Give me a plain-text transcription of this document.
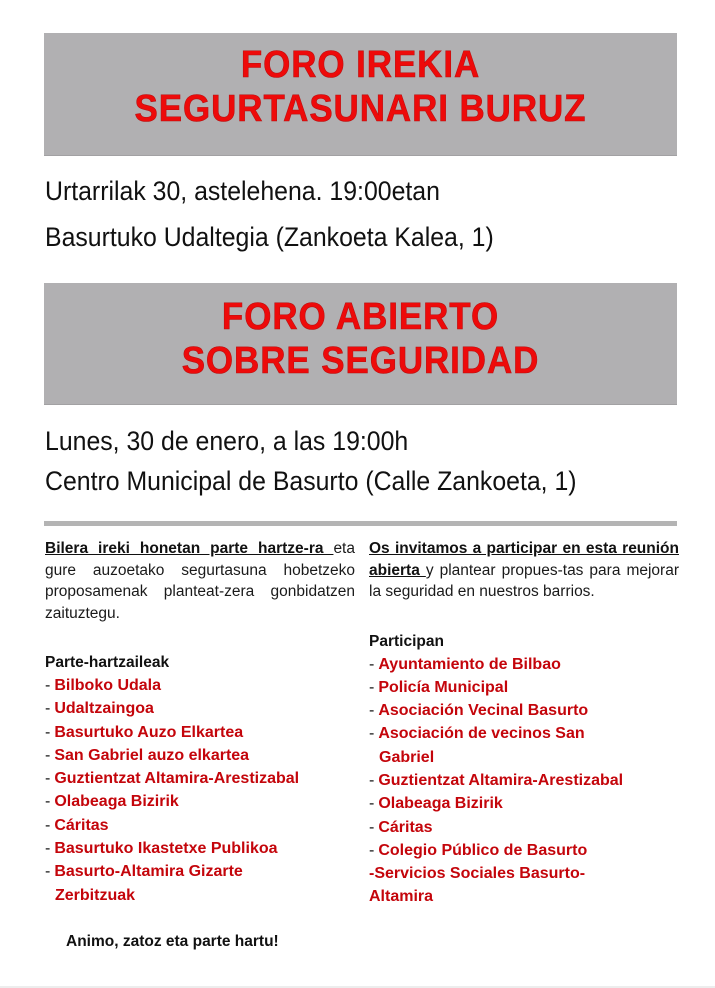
FORO IREKIA
SEGURTASUNARI BURUZ
Urtarrilak 30, astelehena. 19:00etan
Basurtuko Udaltegia (Zankoeta Kalea, 1)
FORO ABIERTO
SOBRE SEGURIDAD
Lunes, 30 de enero, a las 19:00h
Centro Municipal de Basurto (Calle Zankoeta, 1)

Bilera ireki honetan parte hartze-ra eta gure auzoetako segurtasuna hobetzeko proposamenak planteat-zera gonbidatzen zaituztegu.

Parte-hartzaileak
- Bilboko Udala
- Udaltzaingoa
- Basurtuko Auzo Elkartea
- San Gabriel auzo elkartea
- Guztientzat Altamira-Arestizabal
- Olabeaga Bizirik
- Cáritas
- Basurtuko Ikastetxe Publikoa
- Basurto-Altamira Gizarte Zerbitzuak

Os invitamos a participar en esta reunión abierta y plantear propues-tas para mejorar la seguridad en nuestros barrios.

Participan
- Ayuntamiento de Bilbao
- Policía Municipal
- Asociación Vecinal Basurto
- Asociación de vecinos San Gabriel
- Guztientzat Altamira-Arestizabal
- Olabeaga Bizirik
- Cáritas
- Colegio Público de Basurto
-Servicios Sociales Basurto-Altamira
Animo, zatoz eta parte hartu!
